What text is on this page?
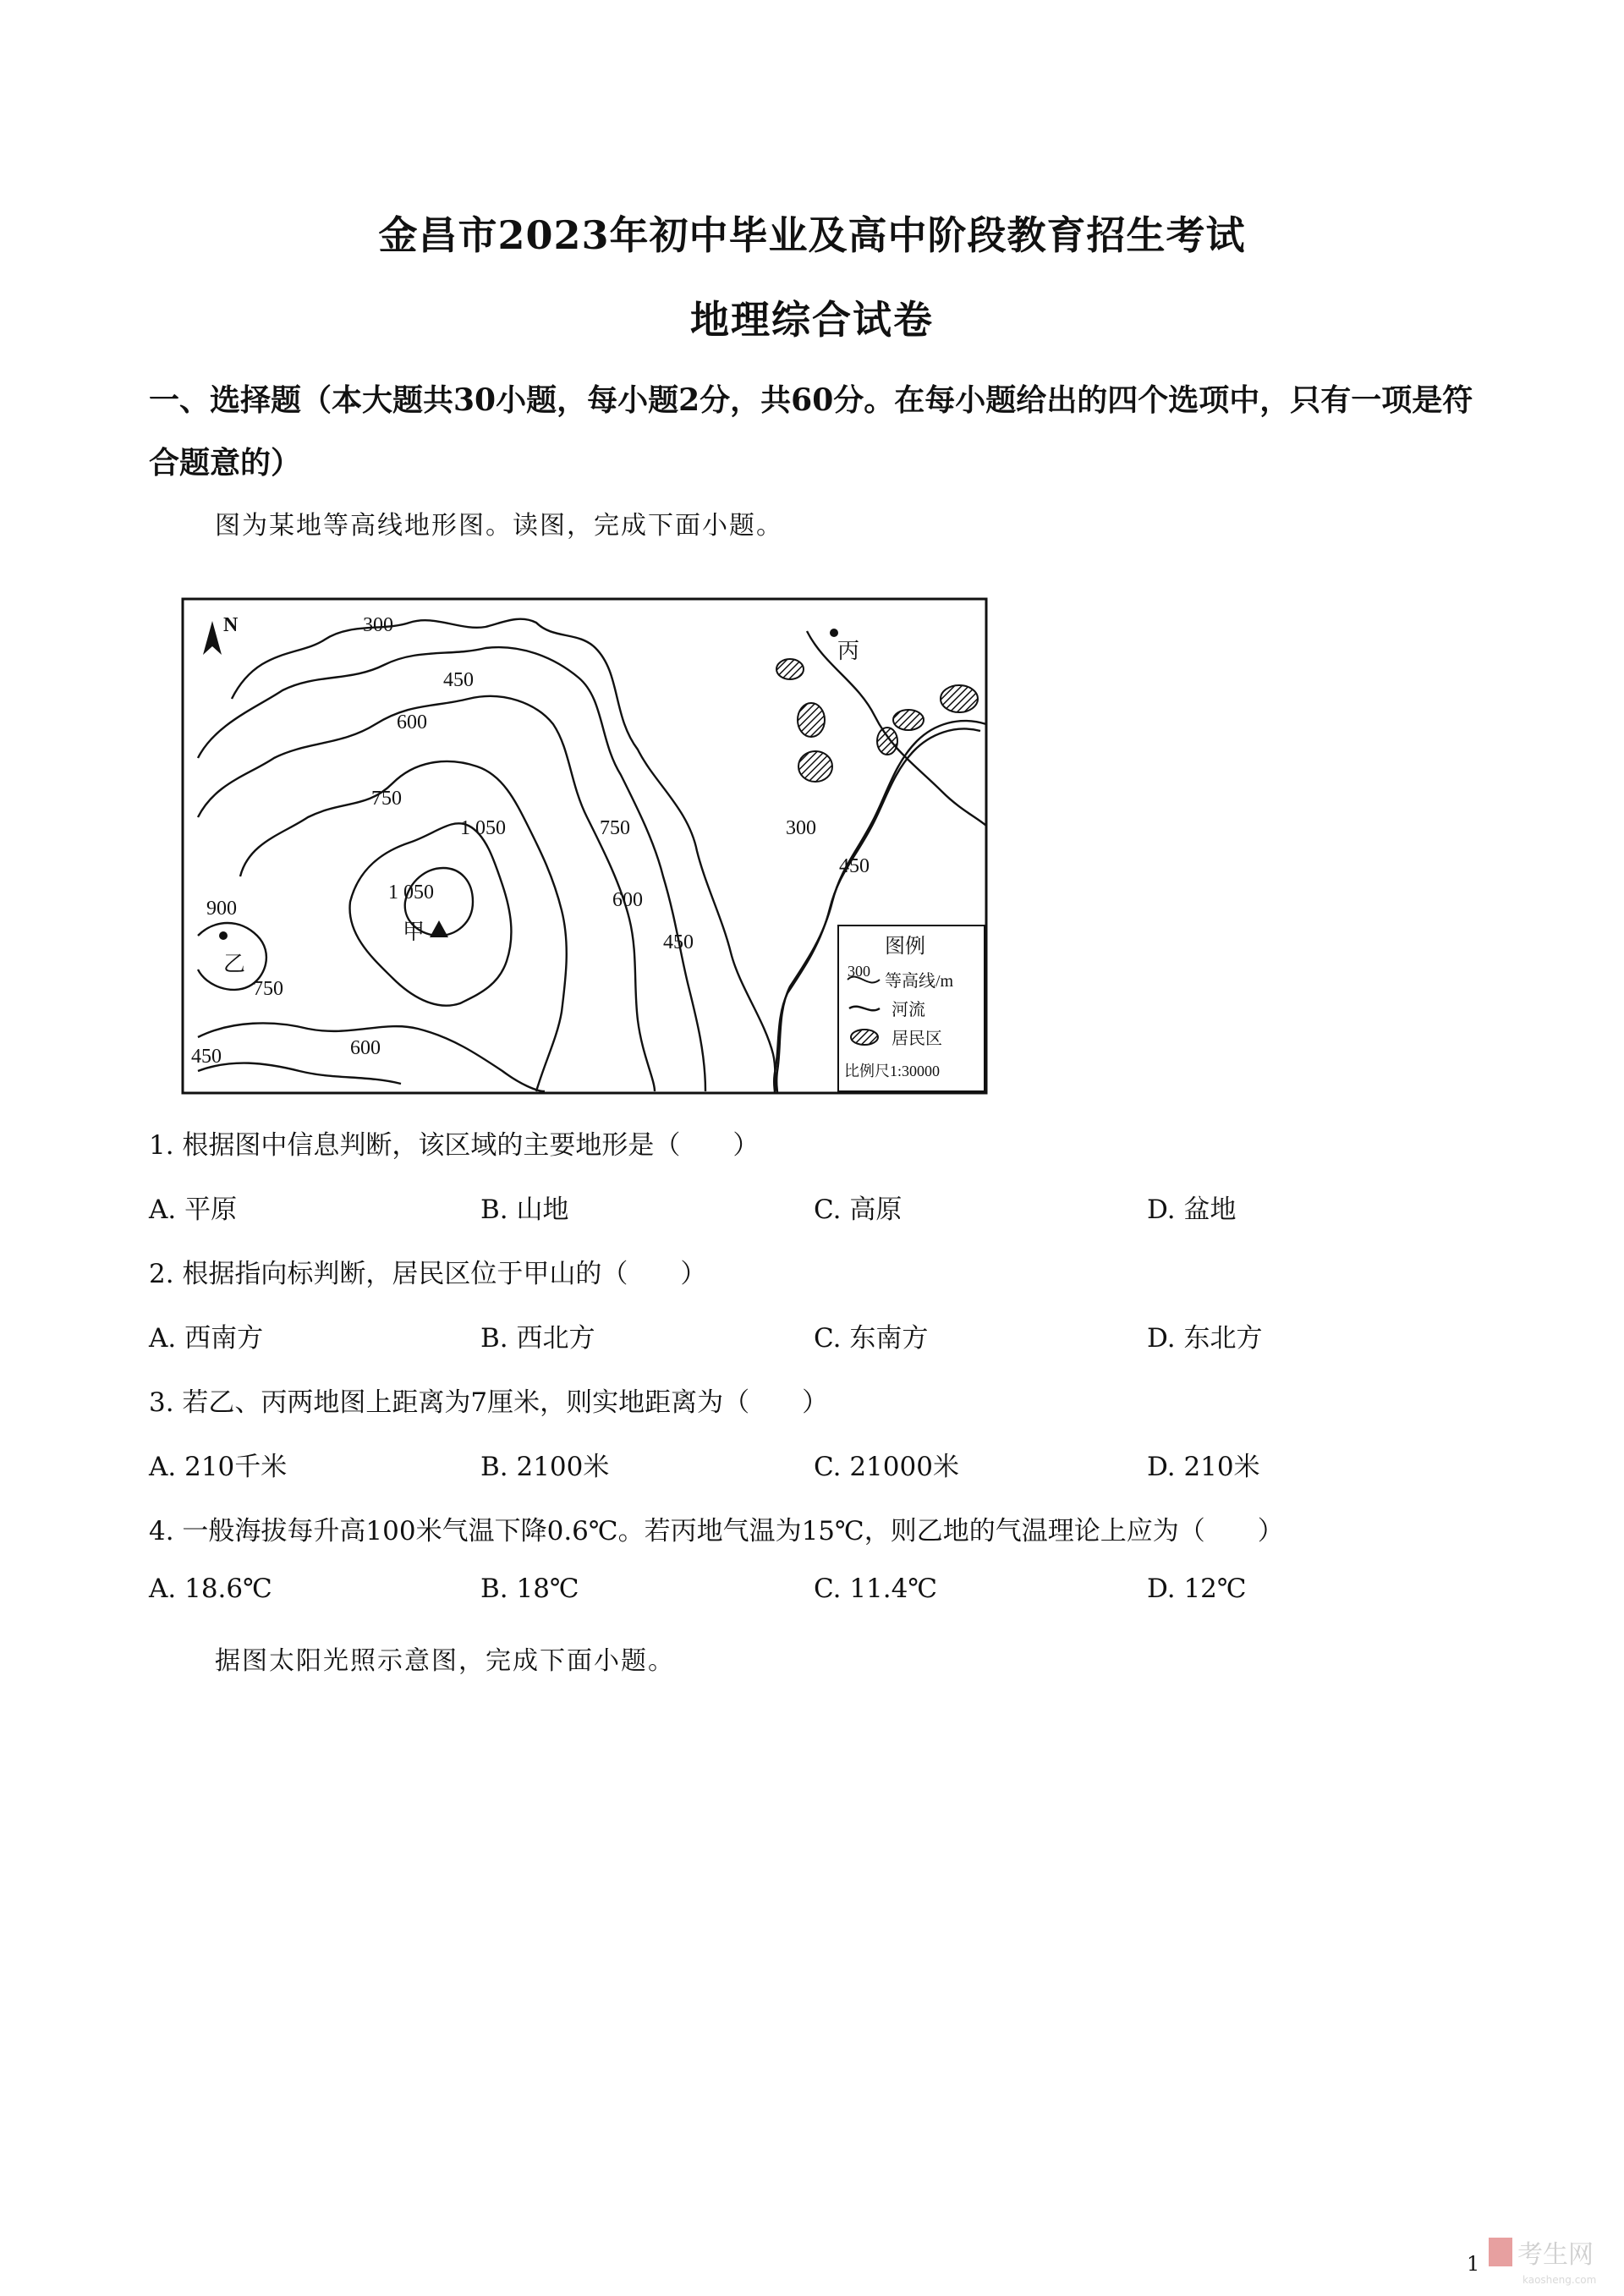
金昌市2023年初中毕业及高中阶段教育招生考试
地理综合试卷
一、选择题（本大题共30小题，每小题2分，共60分。在每小题给出的四个选项中，只有一项是符合题意的）
图为某地等高线地形图。读图，完成下面小题。
N	300
450
600
750
1 050
1 050
750
600
450
300
450
900
750
450	600
甲
乙
丙
图例
300
等高线/m
河流
居民区
比例尺1:30000
1. 根据图中信息判断，该区域的主要地形是（　　）
A. 平原	B. 山地	C. 高原	D. 盆地
2. 根据指向标判断，居民区位于甲山的（　　）
A. 西南方	B. 西北方	C. 东南方	D. 东北方
3. 若乙、丙两地图上距离为7厘米，则实地距离为（　　）
A. 210千米	B. 2100米	C. 21000米	D. 210米
4. 一般海拔每升高100米气温下降0.6℃。若丙地气温为15℃，则乙地的气温理论上应为（　　）
A. 18.6℃	B. 18℃	C. 11.4℃	D. 12℃
据图太阳光照示意图，完成下面小题。
考生网
kaosheng.com
1
